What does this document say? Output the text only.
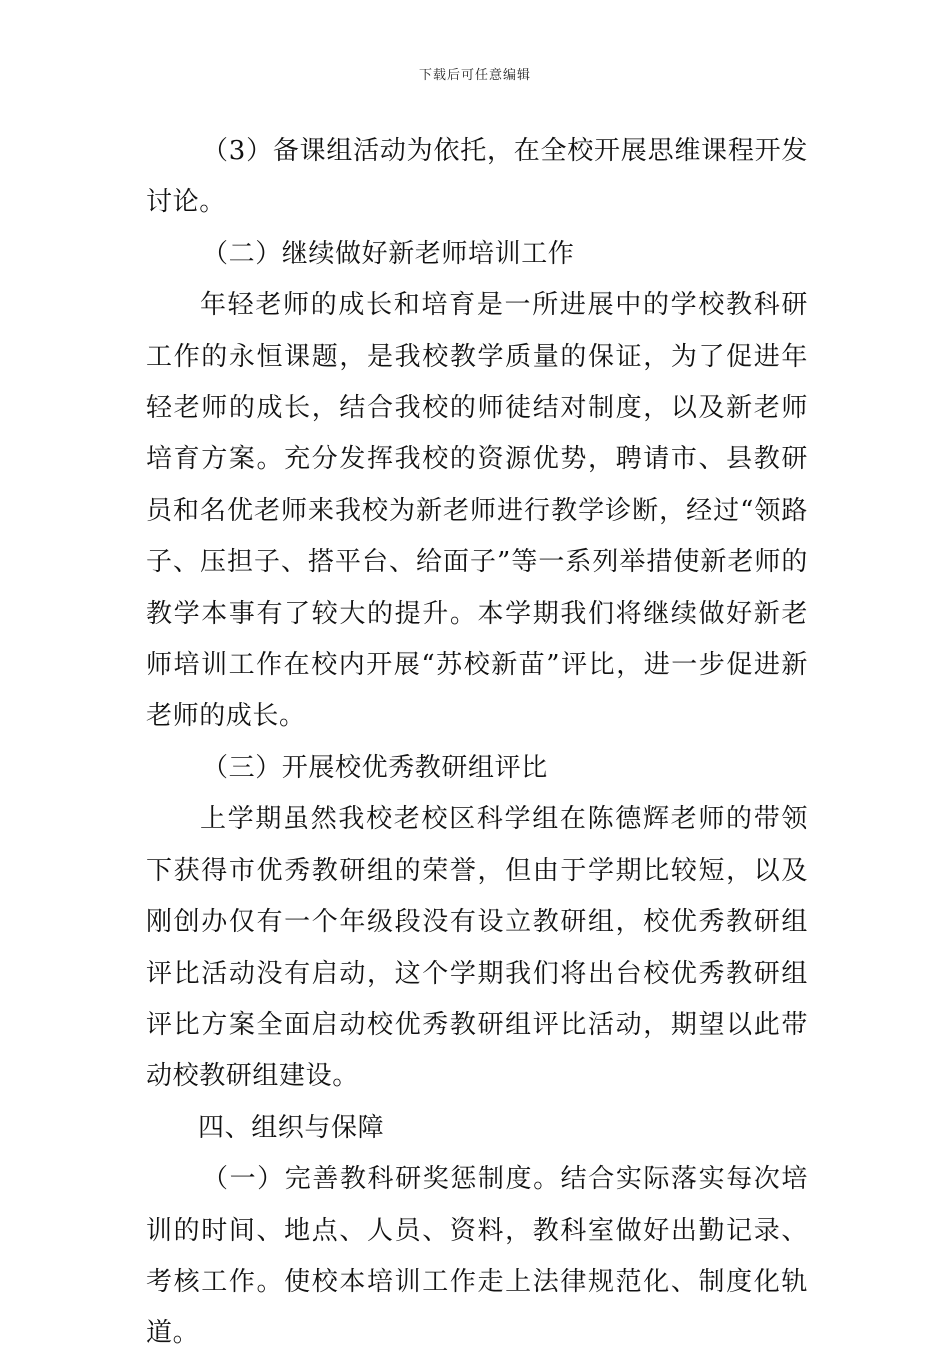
下载后可任意编辑

（3）备课组活动为依托，在全校开展思维课程开发讨论。

（二）继续做好新老师培训工作

年轻老师的成长和培育是一所进展中的学校教科研工作的永恒课题，是我校教学质量的保证，为了促进年轻老师的成长，结合我校的师徒结对制度，以及新老师培育方案。充分发挥我校的资源优势，聘请市、县教研员和名优老师来我校为新老师进行教学诊断，经过“领路子、压担子、搭平台、给面子”等一系列举措使新老师的教学本事有了较大的提升。本学期我们将继续做好新老师培训工作在校内开展“苏校新苗”评比，进一步促进新老师的成长。

（三）开展校优秀教研组评比

上学期虽然我校老校区科学组在陈德辉老师的带领下获得市优秀教研组的荣誉，但由于学期比较短，以及刚创办仅有一个年级段没有设立教研组，校优秀教研组评比活动没有启动，这个学期我们将出台校优秀教研组评比方案全面启动校优秀教研组评比活动，期望以此带动校教研组建设。

四、组织与保障

（一）完善教科研奖惩制度。结合实际落实每次培训的时间、地点、人员、资料，教科室做好出勤记录、考核工作。使校本培训工作走上法律规范化、制度化轨道。
